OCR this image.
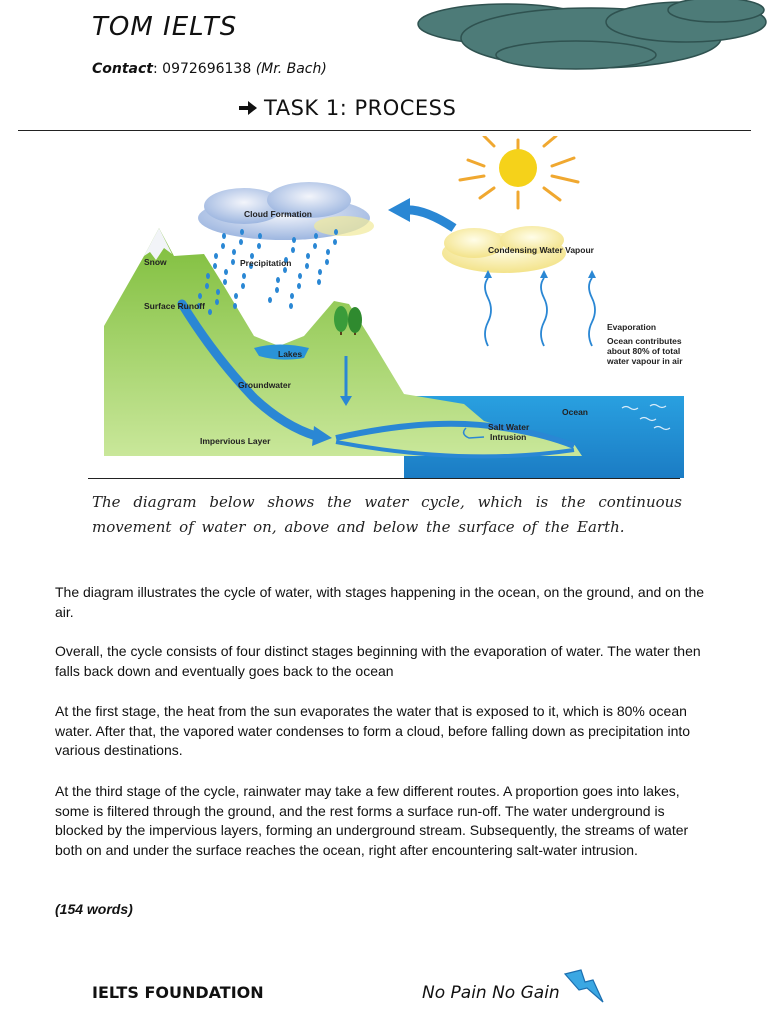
TOM IELTS
Contact: 0972696138 (Mr. Bach)
TASK 1: PROCESS
Cloud Formation
Condensing Water Vapour
Snow	Precipitation
Surface Runoff
Lakes
Groundwater
Impervious Layer
Salt Water
Intrusion
Ocean
Evaporation
Ocean contributes
about 80% of total
water vapour in air
The diagram below shows the water cycle, which is the continuous movement of water on, above and below the surface of the Earth.
The diagram illustrates the cycle of water, with stages happening in the ocean, on the ground, and on the air.
Overall, the cycle consists of four distinct stages beginning with the evaporation of water. The water then falls back down and eventually goes back to the ocean
At the first stage, the heat from the sun evaporates the water that is exposed to it, which is 80% ocean water. After that, the vapored water condenses to form a cloud, before falling down as precipitation into various destinations.
At the third stage of the cycle, rainwater may take a few different routes. A proportion goes into lakes, some is filtered through the ground, and the rest forms a surface run-off. The water underground is blocked by the impervious layers, forming an underground stream. Subsequently, the streams of water both on and under the surface reaches the ocean, right after encountering salt-water intrusion.
(154 words)
IELTS FOUNDATION	No Pain No Gain
